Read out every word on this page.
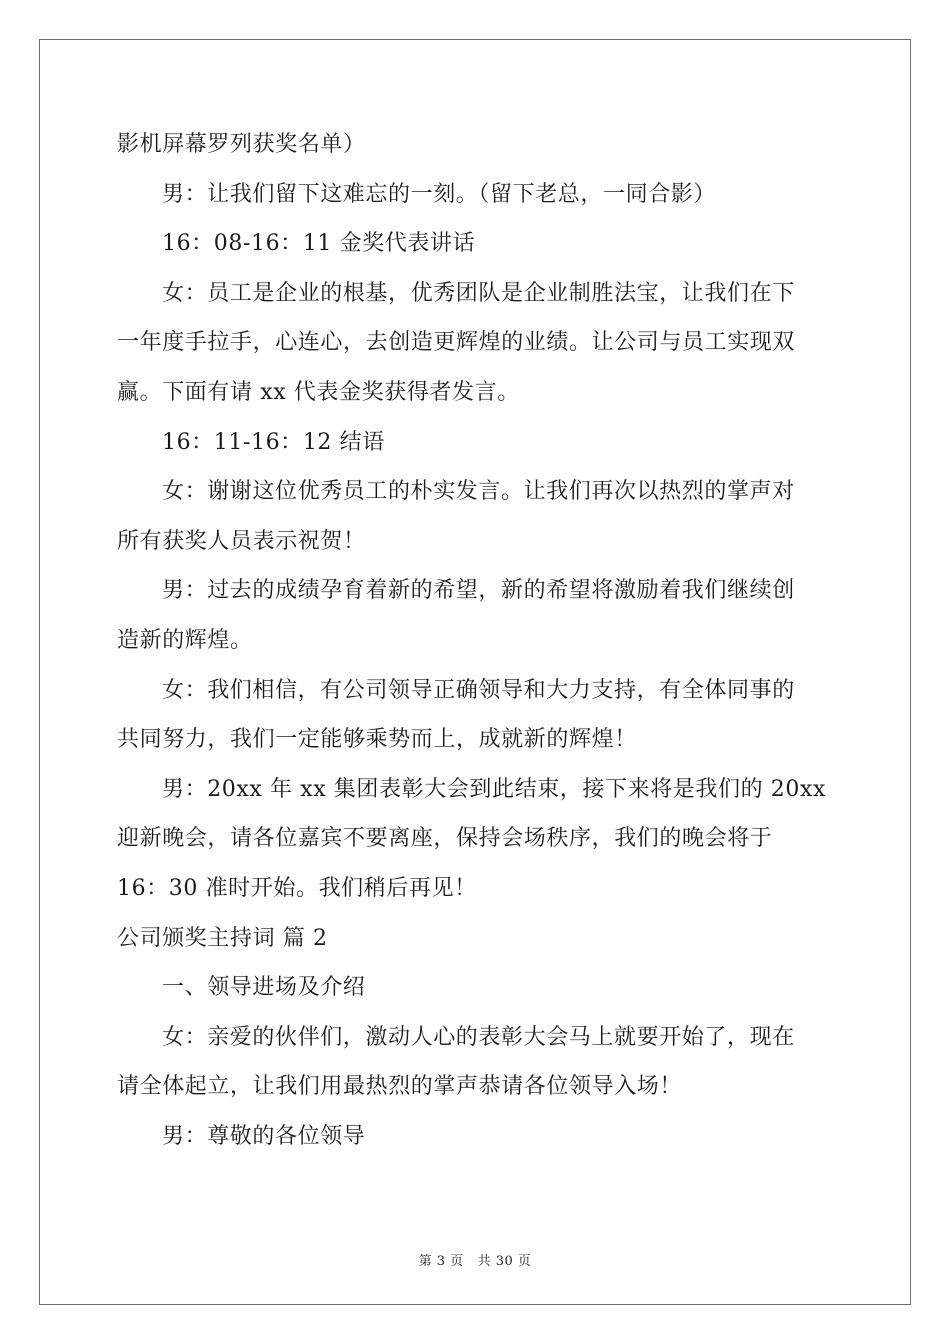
影机屏幕罗列获奖名单）
男：让我们留下这难忘的一刻。（留下老总，一同合影）
16：08-16：11 金奖代表讲话
女：员工是企业的根基，优秀团队是企业制胜法宝，让我们在下
一年度手拉手，心连心，去创造更辉煌的业绩。让公司与员工实现双
赢。下面有请 xx 代表金奖获得者发言。
16：11-16：12 结语
女：谢谢这位优秀员工的朴实发言。让我们再次以热烈的掌声对
所有获奖人员表示祝贺！
男：过去的成绩孕育着新的希望，新的希望将激励着我们继续创
造新的辉煌。
女：我们相信，有公司领导正确领导和大力支持，有全体同事的
共同努力，我们一定能够乘势而上，成就新的辉煌！
男：20xx 年 xx 集团表彰大会到此结束，接下来将是我们的 20xx
迎新晚会，请各位嘉宾不要离座，保持会场秩序，我们的晚会将于
16：30 准时开始。我们稍后再见！
公司颁奖主持词 篇 2
一、领导进场及介绍
女：亲爱的伙伴们，激动人心的表彰大会马上就要开始了，现在
请全体起立，让我们用最热烈的掌声恭请各位领导入场！
男：尊敬的各位领导
第 3 页 共 30 页
